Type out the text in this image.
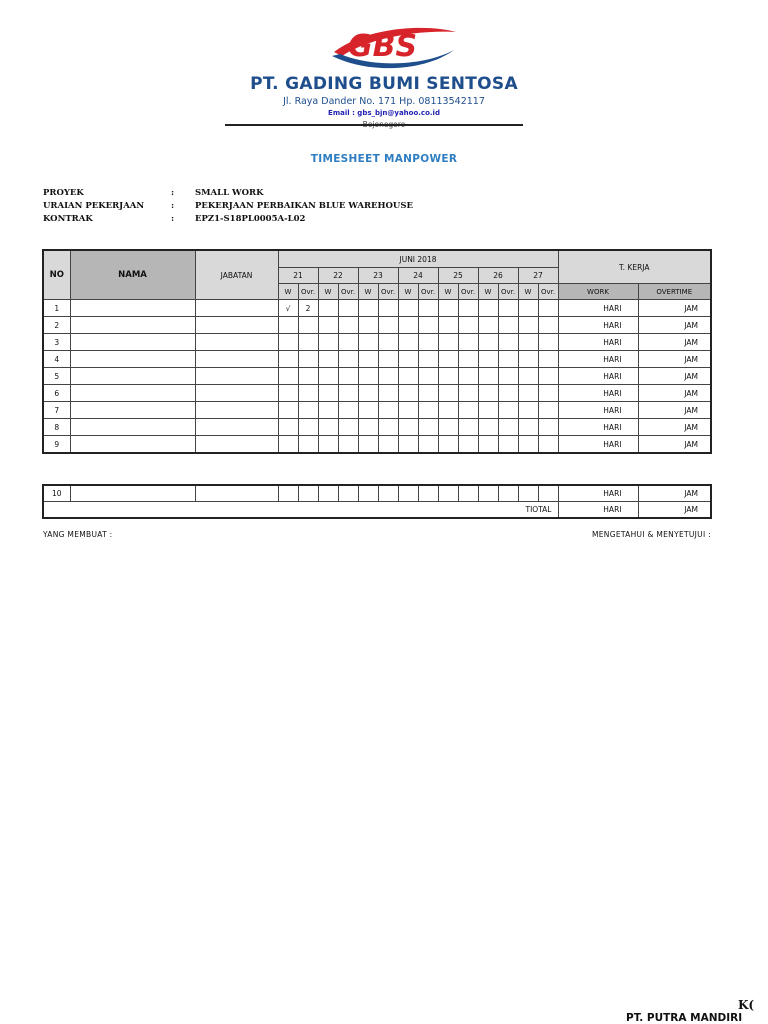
GBS
PT. GADING BUMI SENTOSA
Jl. Raya Dander No. 171 Hp. 08113542117
Email : gbs_bjn@yahoo.co.id
Bojonegoro
TIMESHEET MANPOWER
PROYEK	: SMALL WORK
URAIAN PEKERJAAN	: PEKERJAAN PERBAIKAN BLUE WAREHOUSE
KONTRAK	: EPZ1-S18PL0005A-L02
NO	NAMA	JABATAN	JUNI 2018														T. KERJA	
			21		22		23		24		25		26		27			
			W	Ovr.	W	Ovr.	W	Ovr.	W	Ovr.	W	Ovr.	W	Ovr.	W	Ovr.	WORK	OVERTIME
1			√	2													HARI	JAM
2																	HARI	JAM
3																	HARI	JAM
4																	HARI	JAM
5																	HARI	JAM
6																	HARI	JAM
7																	HARI	JAM
8																	HARI	JAM
9																	HARI	JAM
10																	HARI	JAM
TIOTAL																	HARI	JAM
YANG MEMBUAT :	MENGETAHUI & MENYETUJUI :
K(
PT. PUTRA MANDIRI
